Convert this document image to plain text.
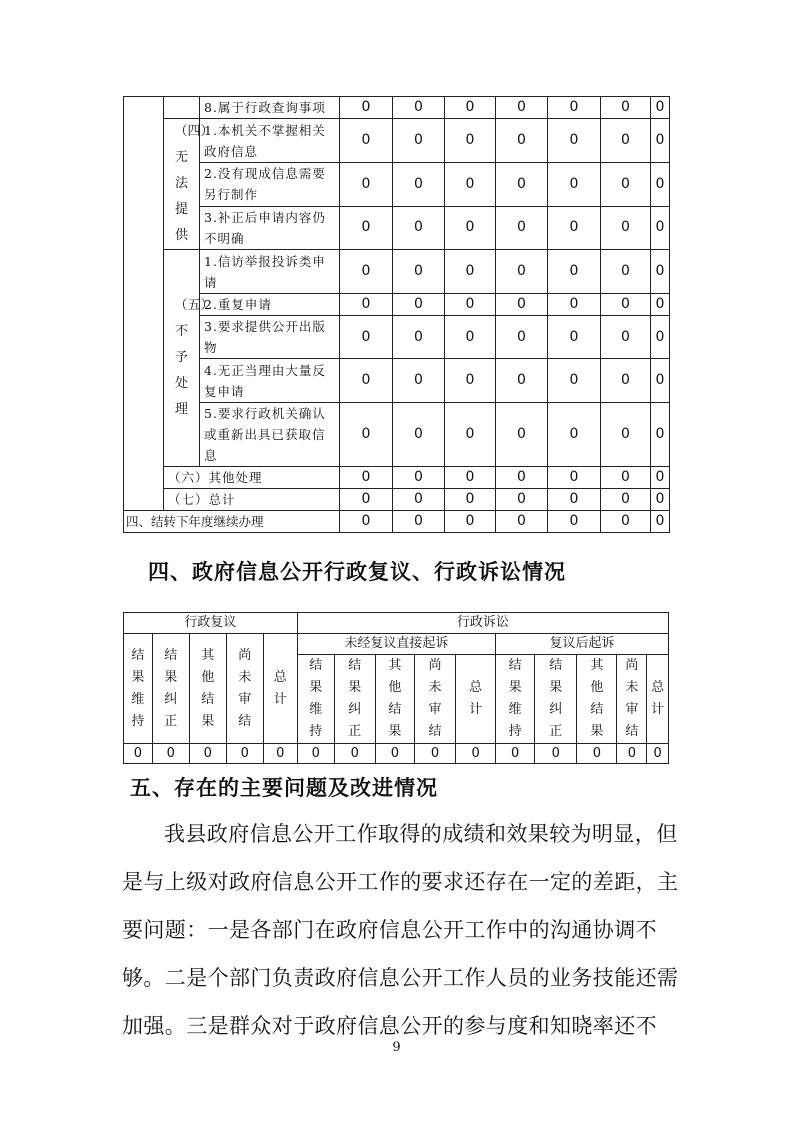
		8.属于行政查询事项	0	0	0	0	0	0	0

	（四）无法提供	1.本机关不掌握相关政府信息	0	0	0	0	0	0	0
		2.没有现成信息需要另行制作	0	0	0	0	0	0	0
		3.补正后申请内容仍不明确	0	0	0	0	0	0	0

	（五）不予处理	1.信访举报投诉类申请	0	0	0	0	0	0	0
		2.重复申请	0	0	0	0	0	0	0
		3.要求提供公开出版物	0	0	0	0	0	0	0
		4.无正当理由大量反复申请	0	0	0	0	0	0	0
		5.要求行政机关确认或重新出具已获取信息	0	0	0	0	0	0	0
	（六）其他处理		0	0	0	0	0	0	0
	（七）总计		0	0	0	0	0	0	0
四、结转下年度继续办理			0	0	0	0	0	0	0
四、政府信息公开行政复议、行政诉讼情况
行政复议					行政诉讼									

结果维持	结果纠正	其他结果	尚未审结	总计	未经复议直接起诉					复议后起诉				

					结果维持	结果纠正	其他结果	尚未审结	总计	结果维持	结果纠正	其他结果	尚未审结	总计

0	0	0	0	0	0	0	0	0	0	0	0	0	0	0
五、存在的主要问题及改进情况
我县政府信息公开工作取得的成绩和效果较为明显，但
是与上级对政府信息公开工作的要求还存在一定的差距，主
要问题：一是各部门在政府信息公开工作中的沟通协调不
够。二是个部门负责政府信息公开工作人员的业务技能还需
加强。三是群众对于政府信息公开的参与度和知晓率还不
9
